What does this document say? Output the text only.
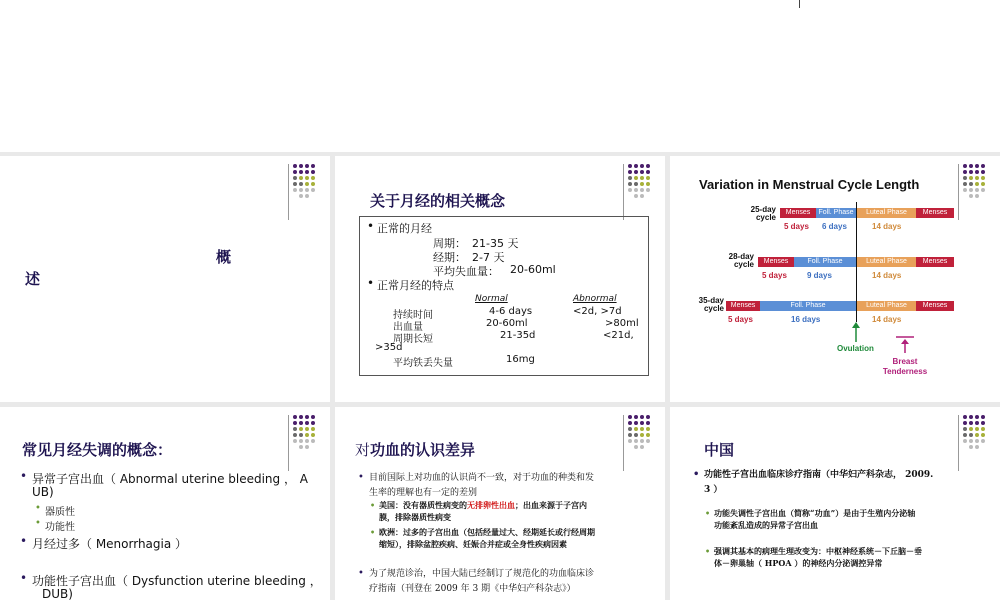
概
述
关于月经的相关概念
• 正常的月经
周期： 21-35 天
经期： 2-7 天
平均失血量： 20-60ml
• 正常月经的特点
Normal	Abnormal
持续时间	4-6 days	<2d, >7d
出血量	20-60ml	>80ml
周期长短	21-35d	<21d,
>35d
平均铁丢失量	16mg
Variation in Menstrual Cycle Length
25-day cycle
Menses	Foll. Phase	Luteal Phase	Menses
5 days 6 days	14 days
28-day cycle	Menses	Foll. Phase	Luteal Phase	Menses
5 days	9 days	14 days
35-day cycle Menses	Foll. Phase	Luteal Phase	Menses
5 days	16 days	14 days
Ovulation
Breast Tenderness
常见月经失调的概念：
• 异常子宫出血（ Abnormal uterine bleeding ， A
UB)
• 器质性
• 功能性
• 月经过多（ Menorrhagia ）
• 功能性子宫出血（ Dysfunction uterine bleeding ，
DUB)
对功血的认识差异
• 目前国际上对功血的认识尚不一致，对于功血的种类和发
生率的理解也有一定的差别
• 美国：没有器质性病变的无排卵性出血；出血来源于子宫内
膜，排除器质性病变
• 欧洲：过多的子宫出血（包括经量过大、经期延长或行经周期
缩短），排除盆腔疾病、妊娠合并症或全身性疾病因素
• 为了规范诊治，中国大陆已经制订了规范化的功血临床诊
疗指南（刊登在 2009 年 3 期《中华妇产科杂志》）
中国
• 功能性子宫出血临床诊疗指南（中华妇产科杂志， 2009.
3 ）
• 功能失调性子宫出血（简称“功血”）是由于生殖内分泌轴
功能紊乱造成的异常子宫出血
• 强调其基本的病理生理改变为：中枢神经系统－下丘脑－垂
体－卵巢轴（ HPOA ）的神经内分泌调控异常
